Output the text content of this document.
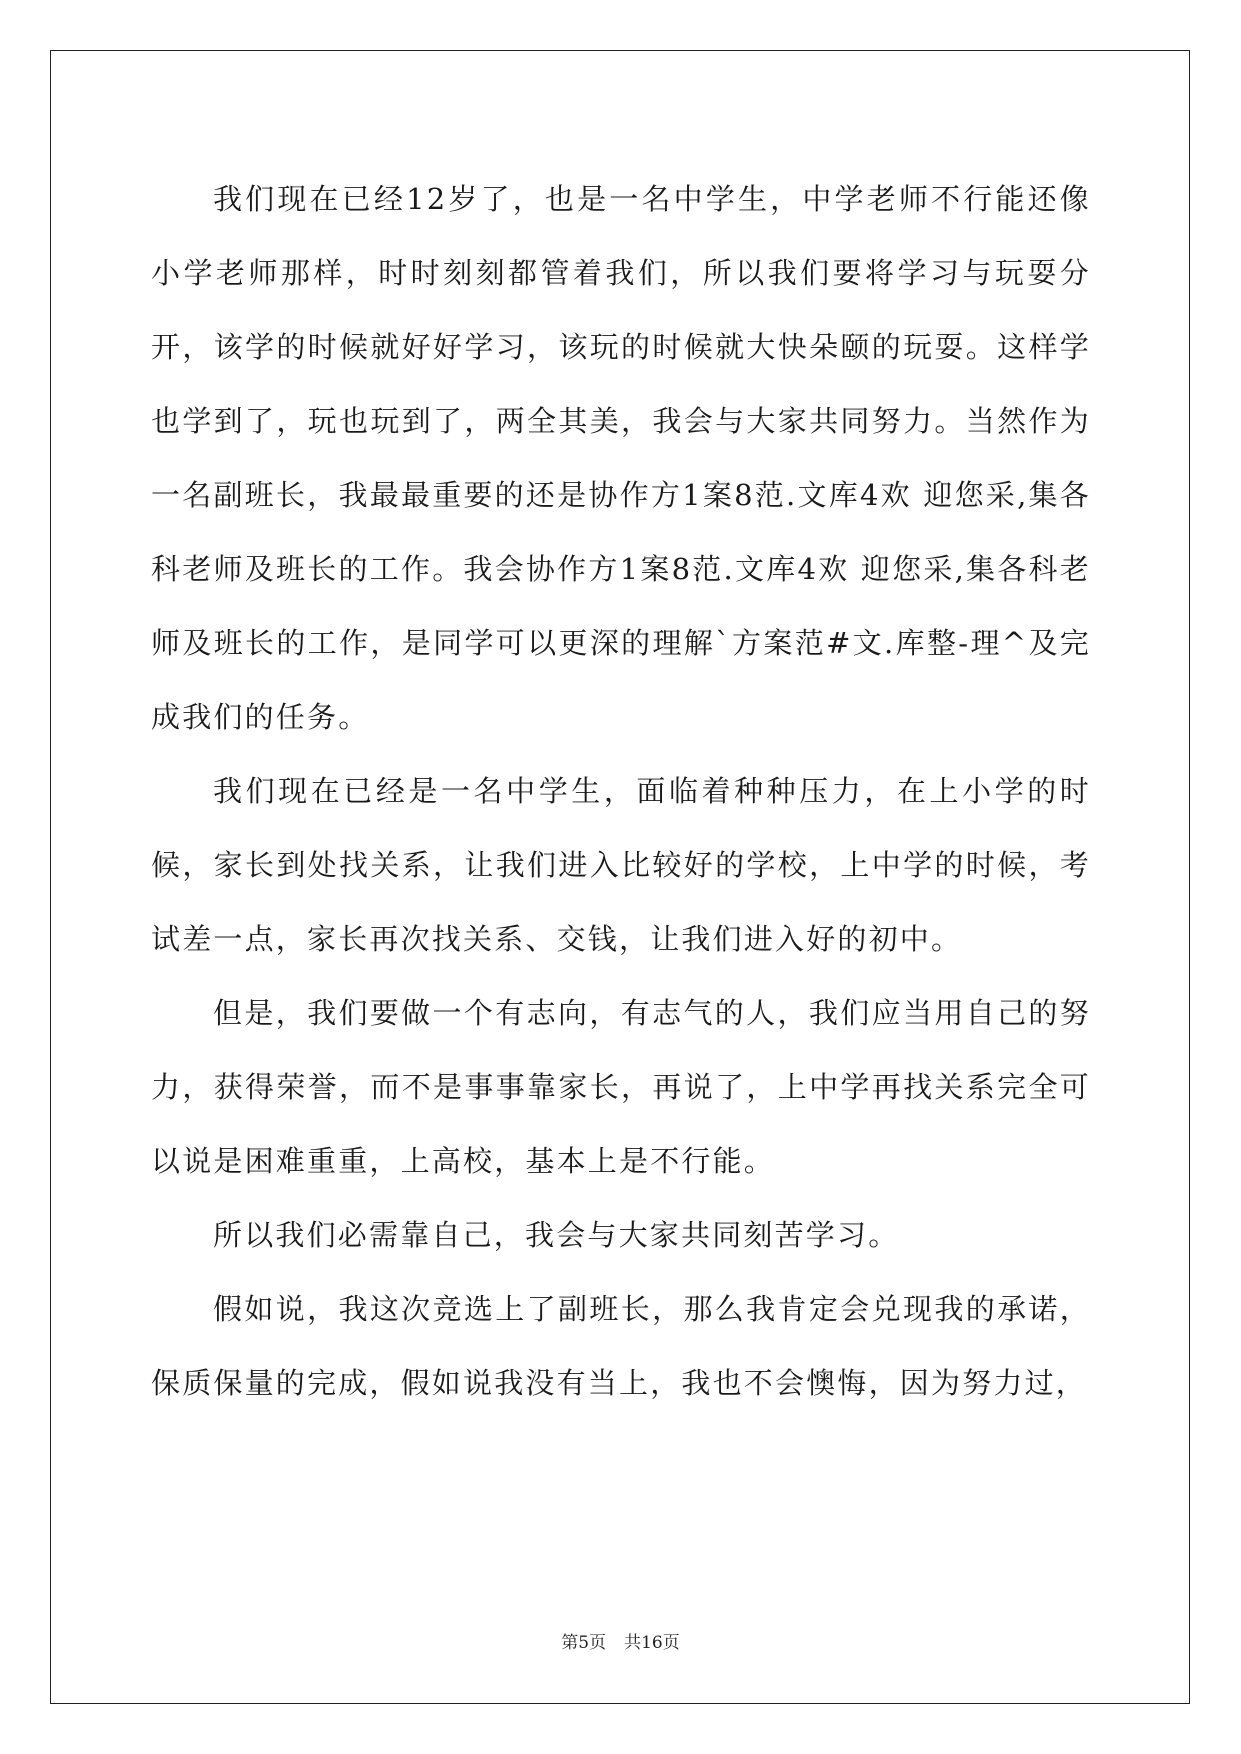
我们现在已经12岁了，也是一名中学生，中学老师不行能还像小学老师那样，时时刻刻都管着我们，所以我们要将学习与玩耍分开，该学的时候就好好学习，该玩的时候就大快朵颐的玩耍。这样学也学到了，玩也玩到了，两全其美，我会与大家共同努力。当然作为一名副班长，我最最重要的还是协作方1案8范.文库4欢 迎您采,集各科老师及班长的工作。我会协作方1案8范.文库4欢 迎您采,集各科老师及班长的工作，是同学可以更深的理解`方案范#文.库整-理^及完成我们的任务。

我们现在已经是一名中学生，面临着种种压力，在上小学的时候，家长到处找关系，让我们进入比较好的学校，上中学的时候，考试差一点，家长再次找关系、交钱，让我们进入好的初中。

但是，我们要做一个有志向，有志气的人，我们应当用自己的努力，获得荣誉，而不是事事靠家长，再说了，上中学再找关系完全可以说是困难重重，上高校，基本上是不行能。

所以我们必需靠自己，我会与大家共同刻苦学习。

假如说，我这次竞选上了副班长，那么我肯定会兑现我的承诺，保质保量的完成，假如说我没有当上，我也不会懊悔，因为努力过，

第5页 共16页
